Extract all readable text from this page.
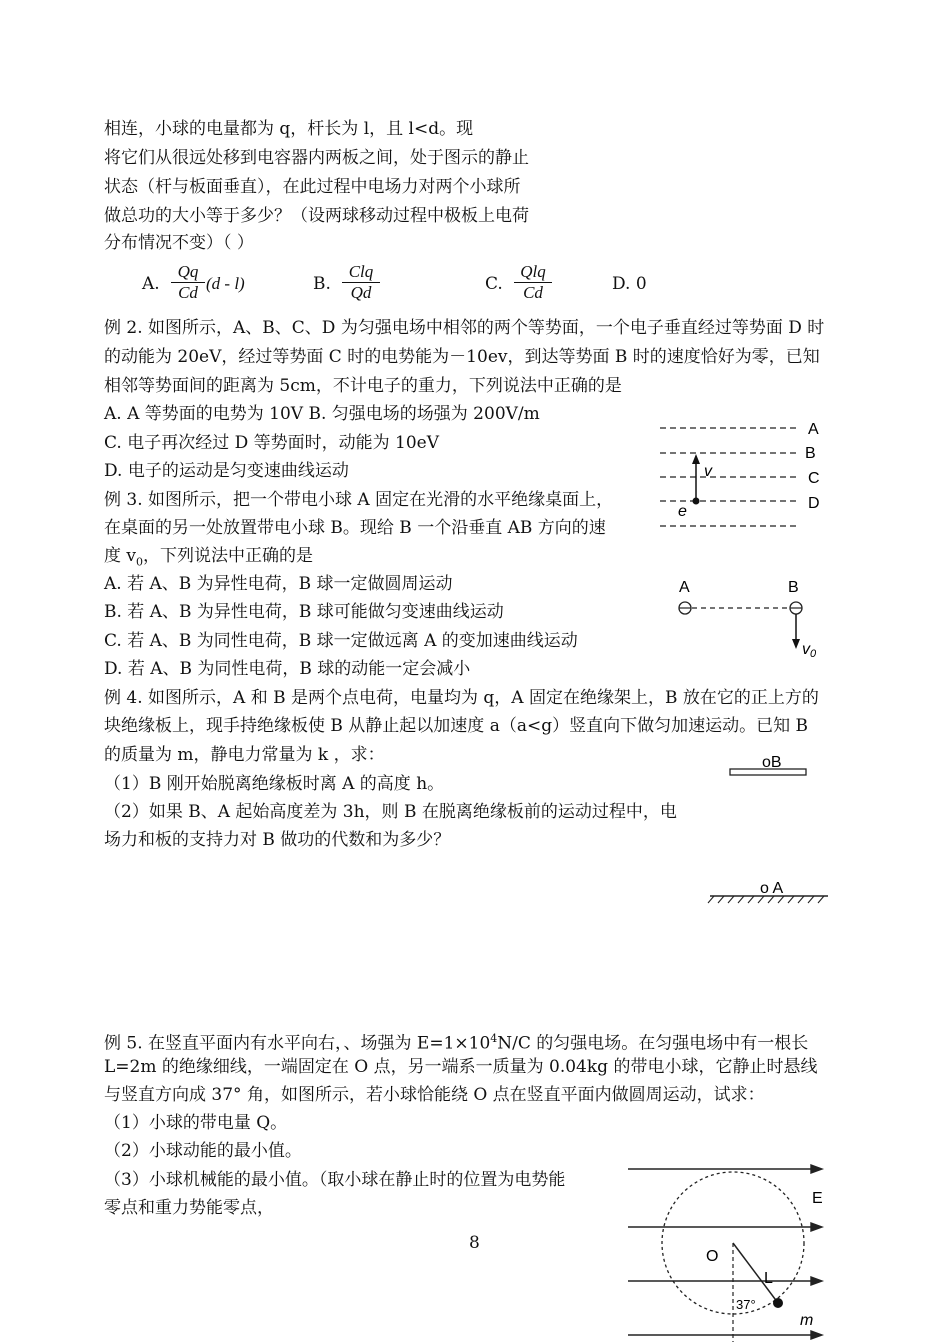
相连，小球的电量都为 q，杆长为 l，且 l<d。现
将它们从很远处移到电容器内两板之间，处于图示的静止
状态（杆与板面垂直），在此过程中电场力对两个小球所
做总功的大小等于多少？（设两球移动过程中极板上电荷
分布情况不变）（ ）
A. $\frac{Qq}{Cd} (d - l)$	B.
Clq
Qd	C.
Qlq
Cd	D. 0
例 2. 如图所示，A、B、C、D 为匀强电场中相邻的两个等势面，一个电子垂直经过等势面 D 时
的动能为 20eV，经过等势面 C 时的电势能为－10ev，到达等势面 B 时的速度恰好为零，已知
相邻等势面间的距离为 5cm，不计电子的重力，下列说法中正确的是
A. A 等势面的电势为 10V B. 匀强电场的场强为 200V/m
C. 电子再次经过 D 等势面时，动能为 10eV
D. 电子的运动是匀变速曲线运动
A
B
C
D
v
e
例 3. 如图所示，把一个带电小球 A 固定在光滑的水平绝缘桌面上，
在桌面的另一处放置带电小球 B。现给 B 一个沿垂直 AB 方向的速
度 $v_0$，下列说法中正确的是
A. 若 A、B 为异性电荷，B 球一定做圆周运动
B. 若 A、B 为异性电荷，B 球可能做匀变速曲线运动
C. 若 A、B 为同性电荷，B 球一定做远离 A 的变加速曲线运动
D. 若 A、B 为同性电荷，B 球的动能一定会减小
A	B
v0
例 4. 如图所示，A 和 B 是两个点电荷，电量均为 q，A 固定在绝缘架上，B 放在它的正上方的
块绝缘板上，现手持绝缘板使 B 从静止起以加速度 a（a<g）竖直向下做匀加速运动。已知 B
的质量为 m，静电力常量为 k ，求：
（1）B 刚开始脱离绝缘板时离 A 的高度 h。
（2）如果 B、A 起始高度差为 3h，则 B 在脱离绝缘板前的运动过程中，电
场力和板的支持力对 B 做功的代数和为多少？
oB
o A
例 5. 在竖直平面内有水平向右，、场强为 $E=1\times 10^4N/C$ 的匀强电场。在匀强电场中有一根长
L=2m 的绝缘细线，一端固定在 O 点，另一端系一质量为 0.04kg 的带电小球，它静止时悬线
与竖直方向成 37° 角，如图所示，若小球恰能绕 O 点在竖直平面内做圆周运动，试求：
（1）小球的带电量 Q。
（2）小球动能的最小值。
（3）小球机械能的最小值。（取小球在静止时的位置为电势能
零点和重力势能零点，	E
O
L
37°
m
8
